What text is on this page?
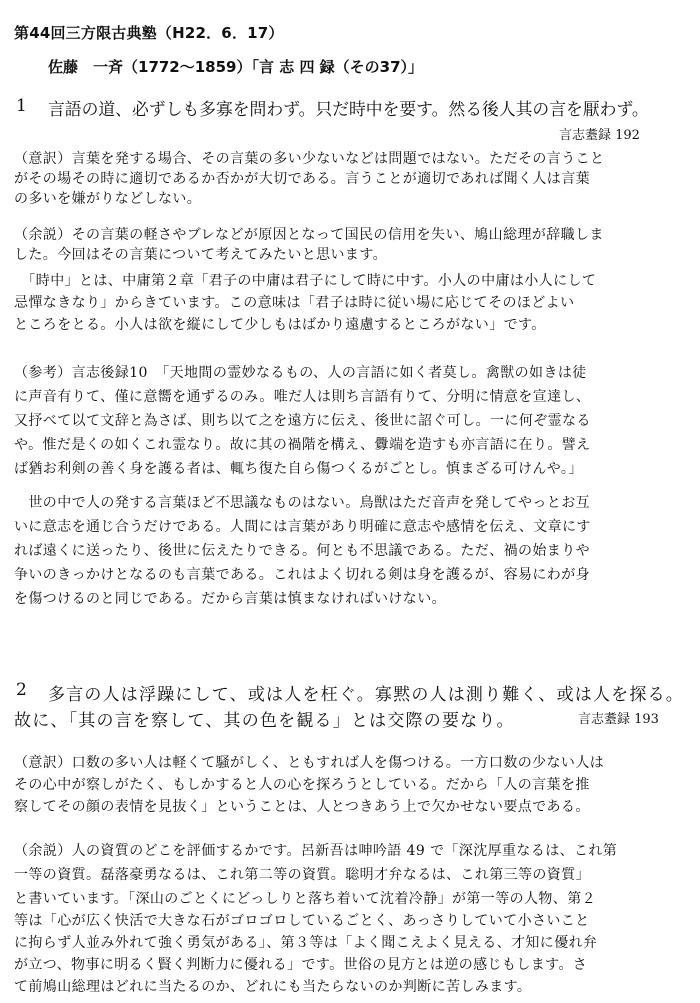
第44回三方限古典塾（H22．6．17）

佐藤　一斉（1772〜1859）「言 志 四 録（その37）」

1 言語の道、必ずしも多寡を問わず。只だ時中を要す。然る後人其の言を厭わず。

言志耋録 192

（意訳）言葉を発する場合、その言葉の多い少ないなどは問題ではない。ただその言うこと

がその場その時に適切であるか否かが大切である。言うことが適切であれば聞く人は言葉

の多いを嫌がりなどしない。

（余説）その言葉の軽さやブレなどが原因となって国民の信用を失い、鳩山総理が辞職しま

した。今回はその言葉について考えてみたいと思います。

　「時中」とは、中庸第２章「君子の中庸は君子にして時に中す。小人の中庸は小人にして

忌憚なきなり」からきています。この意味は「君子は時に従い場に応じてそのほどよい

ところをとる。小人は欲を縦にして少しもはばかり遠慮するところがない」です。

（参考）言志後録10　「天地間の霊妙なるもの、人の言語に如く者莫し。禽獣の如きは徒

に声音有りて、僅に意嚮を通ずるのみ。唯だ人は則ち言語有りて、分明に情意を宣達し、

又抒べて以て文辞と為さば、則ち以て之を遠方に伝え、後世に詔ぐ可し。一に何ぞ霊なる

や。惟だ是くの如くこれ霊なり。故に其の禍階を構え、釁端を造すも亦言語に在り。譬え

ば猶お利剣の善く身を護る者は、輒ち復た自ら傷つくるがごとし。慎まざる可けんや。」

　世の中で人の発する言葉ほど不思議なものはない。鳥獣はただ音声を発してやっとお互

いに意志を通じ合うだけである。人間には言葉があり明確に意志や感情を伝え、文章にす

れば遠くに送ったり、後世に伝えたりできる。何とも不思議である。ただ、禍の始まりや

争いのきっかけとなるのも言葉である。これはよく切れる剣は身を護るが、容易にわが身

を傷つけるのと同じである。だから言葉は慎まなければいけない。

2 多言の人は浮躁にして、或は人を枉ぐ。寡黙の人は測り難く、或は人を探る。

故に、「其の言を察して、其の色を観る」とは交際の要なり。	言志耋録 193

（意訳）口数の多い人は軽くて騒がしく、ともすれば人を傷つける。一方口数の少ない人は

その心中が察しがたく、もしかすると人の心を探ろうとしている。だから「人の言葉を推

察してその顔の表情を見抜く」ということは、人とつきあう上で欠かせない要点である。

（余説）人の資質のどこを評価するかです。呂新吾は呻吟語 49 で「深沈厚重なるは、これ第

一等の資質。磊落豪勇なるは、これ第二等の資質。聡明才弁なるは、これ第三等の資質」

と書いています。「深山のごとくにどっしりと落ち着いて沈着冷静」が第一等の人物、第２

等は「心が広く快活で大きな石がゴロゴロしているごとく、あっさりしていて小さいこと

に拘らず人並み外れて強く勇気がある」、第３等は「よく聞こえよく見える、才知に優れ弁

が立つ、物事に明るく賢く判断力に優れる」です。世俗の見方とは逆の感じもします。さ

て前鳩山総理はどれに当たるのか、どれにも当たらないのか判断に苦しみます。
